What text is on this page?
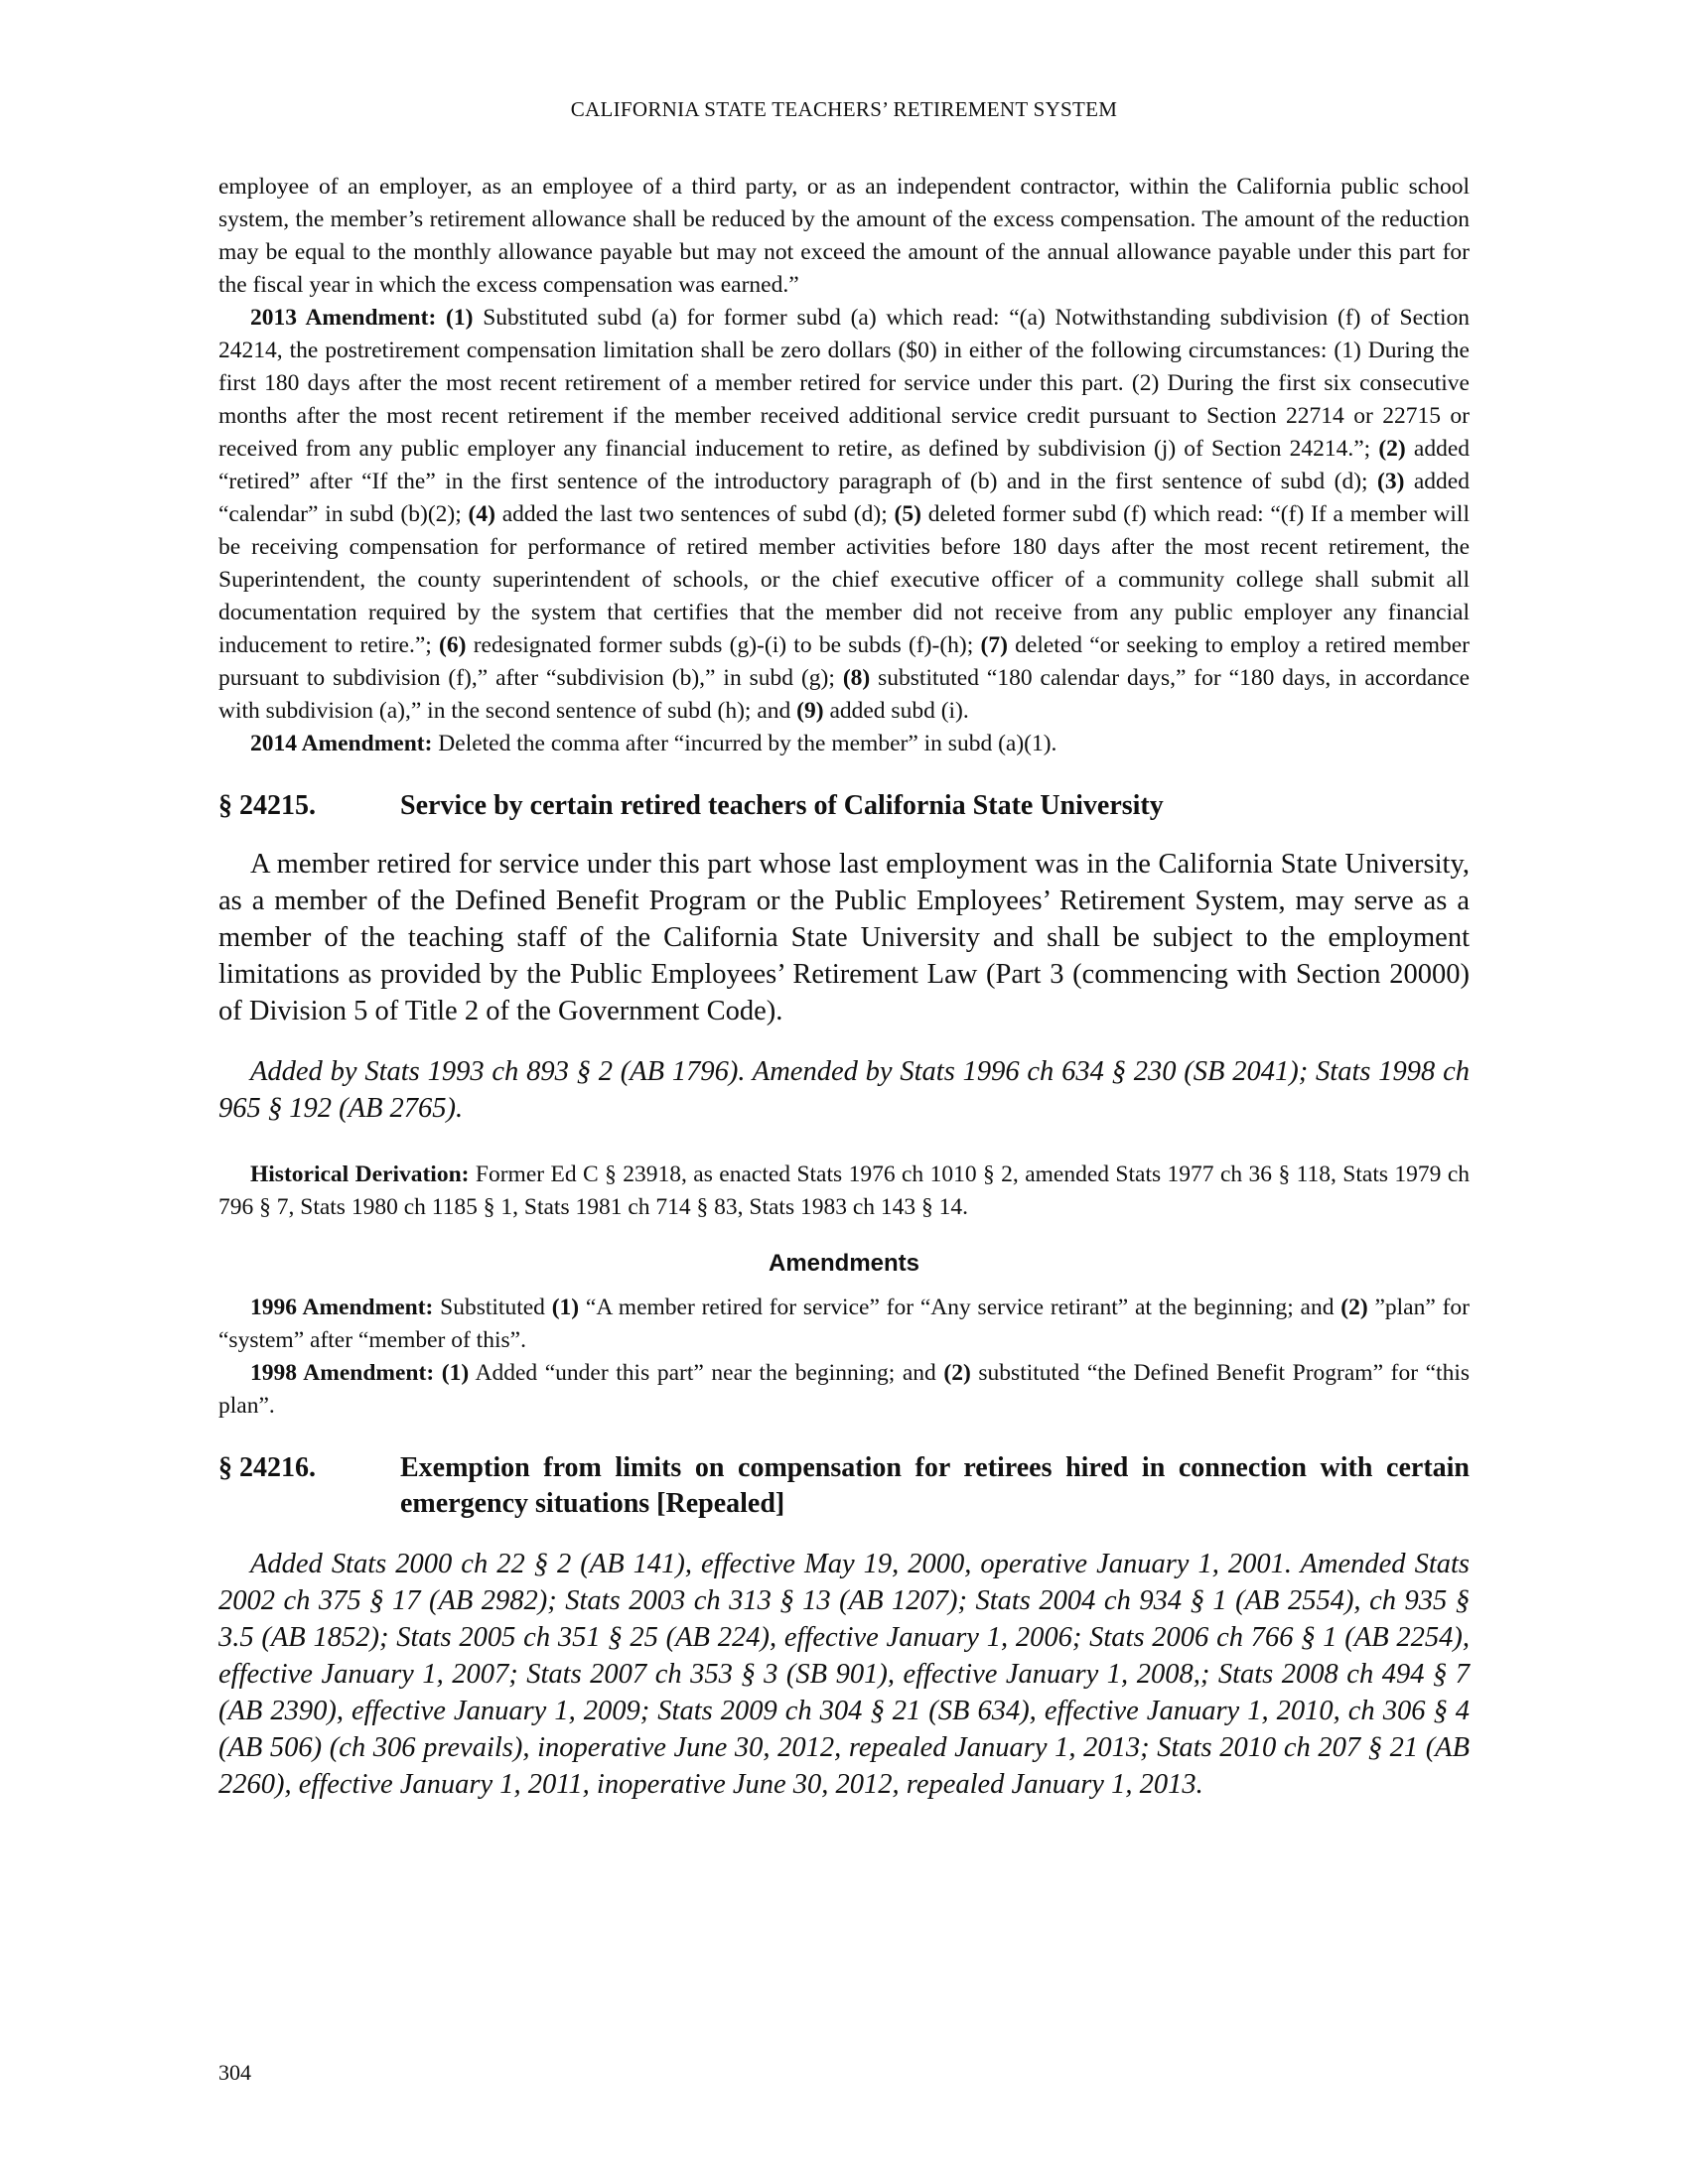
CALIFORNIA STATE TEACHERS’ RETIREMENT SYSTEM

employee of an employer, as an employee of a third party, or as an independent contractor, within the California public school system, the member’s retirement allowance shall be reduced by the amount of the excess compensation. The amount of the reduction may be equal to the monthly allowance payable but may not exceed the amount of the annual allowance payable under this part for the fiscal year in which the excess compensation was earned.”

2013 Amendment: (1) Substituted subd (a) for former subd (a) which read: “(a) Notwithstanding subdivision (f) of Section 24214, the postretirement compensation limitation shall be zero dollars ($0) in either of the following circumstances: (1) During the first 180 days after the most recent retirement of a member retired for service under this part. (2) During the first six consecutive months after the most recent retirement if the member received additional service credit pursuant to Section 22714 or 22715 or received from any public employer any financial inducement to retire, as defined by subdivision (j) of Section 24214.”; (2) added “retired” after “If the” in the first sentence of the introductory paragraph of (b) and in the first sentence of subd (d); (3) added “calendar” in subd (b)(2); (4) added the last two sentences of subd (d); (5) deleted former subd (f) which read: “(f) If a member will be receiving compensation for performance of retired member activities before 180 days after the most recent retirement, the Superintendent, the county superintendent of schools, or the chief executive officer of a community college shall submit all documentation required by the system that certifies that the member did not receive from any public employer any financial inducement to retire.”; (6) redesignated former subds (g)-(i) to be subds (f)-(h); (7) deleted “or seeking to employ a retired member pursuant to subdivision (f),” after “subdivision (b),” in subd (g); (8) substituted “180 calendar days,” for “180 days, in accordance with subdivision (a),” in the second sentence of subd (h); and (9) added subd (i).

2014 Amendment: Deleted the comma after “incurred by the member” in subd (a)(1).

§ 24215.	Service by certain retired teachers of California State University

A member retired for service under this part whose last employment was in the California State University, as a member of the Defined Benefit Program or the Public Employees’ Retirement System, may serve as a member of the teaching staff of the California State University and shall be subject to the employment limitations as provided by the Public Employees’ Retirement Law (Part 3 (commencing with Section 20000) of Division 5 of Title 2 of the Government Code).

Added by Stats 1993 ch 893 § 2 (AB 1796). Amended by Stats 1996 ch 634 § 230 (SB 2041); Stats 1998 ch 965 § 192 (AB 2765).

Historical Derivation: Former Ed C § 23918, as enacted Stats 1976 ch 1010 § 2, amended Stats 1977 ch 36 § 118, Stats 1979 ch 796 § 7, Stats 1980 ch 1185 § 1, Stats 1981 ch 714 § 83, Stats 1983 ch 143 § 14.

Amendments

1996 Amendment: Substituted (1) “A member retired for service” for “Any service retirant” at the beginning; and (2) ”plan” for “system” after “member of this”.

1998 Amendment: (1) Added “under this part” near the beginning; and (2) substituted “the Defined Benefit Program” for “this plan”.

§ 24216.	Exemption from limits on compensation for retirees hired in connection with certain emergency situations [Repealed]

Added Stats 2000 ch 22 § 2 (AB 141), effective May 19, 2000, operative January 1, 2001. Amended Stats 2002 ch 375 § 17 (AB 2982); Stats 2003 ch 313 § 13 (AB 1207); Stats 2004 ch 934 § 1 (AB 2554), ch 935 § 3.5 (AB 1852); Stats 2005 ch 351 § 25 (AB 224), effective January 1, 2006; Stats 2006 ch 766 § 1 (AB 2254), effective January 1, 2007; Stats 2007 ch 353 § 3 (SB 901), effective January 1, 2008,; Stats 2008 ch 494 § 7 (AB 2390), effective January 1, 2009; Stats 2009 ch 304 § 21 (SB 634), effective January 1, 2010, ch 306 § 4 (AB 506) (ch 306 prevails), inoperative June 30, 2012, repealed January 1, 2013; Stats 2010 ch 207 § 21 (AB 2260), effective January 1, 2011, inoperative June 30, 2012, repealed January 1, 2013.

304
